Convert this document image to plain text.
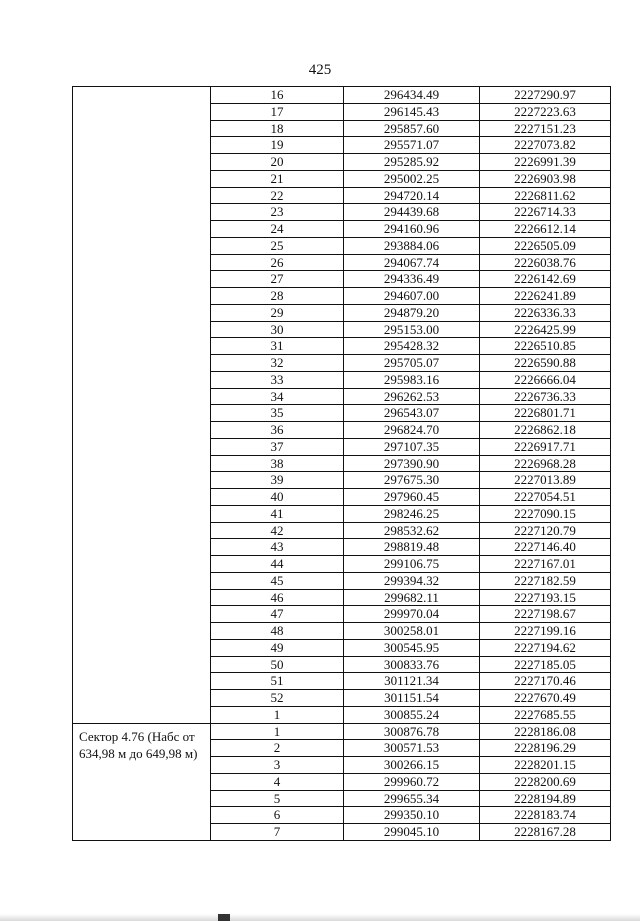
425
	16	296434.49	2227290.97
	17	296145.43	2227223.63
	18	295857.60	2227151.23
	19	295571.07	2227073.82
	20	295285.92	2226991.39
	21	295002.25	2226903.98
	22	294720.14	2226811.62
	23	294439.68	2226714.33
	24	294160.96	2226612.14
	25	293884.06	2226505.09
	26	294067.74	2226038.76
	27	294336.49	2226142.69
	28	294607.00	2226241.89
	29	294879.20	2226336.33
	30	295153.00	2226425.99
	31	295428.32	2226510.85
	32	295705.07	2226590.88
	33	295983.16	2226666.04
	34	296262.53	2226736.33
	35	296543.07	2226801.71
	36	296824.70	2226862.18
	37	297107.35	2226917.71
	38	297390.90	2226968.28
	39	297675.30	2227013.89
	40	297960.45	2227054.51
	41	298246.25	2227090.15
	42	298532.62	2227120.79
	43	298819.48	2227146.40
	44	299106.75	2227167.01
	45	299394.32	2227182.59
	46	299682.11	2227193.15
	47	299970.04	2227198.67
	48	300258.01	2227199.16
	49	300545.95	2227194.62
	50	300833.76	2227185.05
	51	301121.34	2227170.46
	52	301151.54	2227670.49
	1	300855.24	2227685.55

Сектор 4.76 (Набс от 634,98 м до 649,98 м)	1	300876.78	2228186.08
	2	300571.53	2228196.29
	3	300266.15	2228201.15
	4	299960.72	2228200.69
	5	299655.34	2228194.89
	6	299350.10	2228183.74
	7	299045.10	2228167.28
